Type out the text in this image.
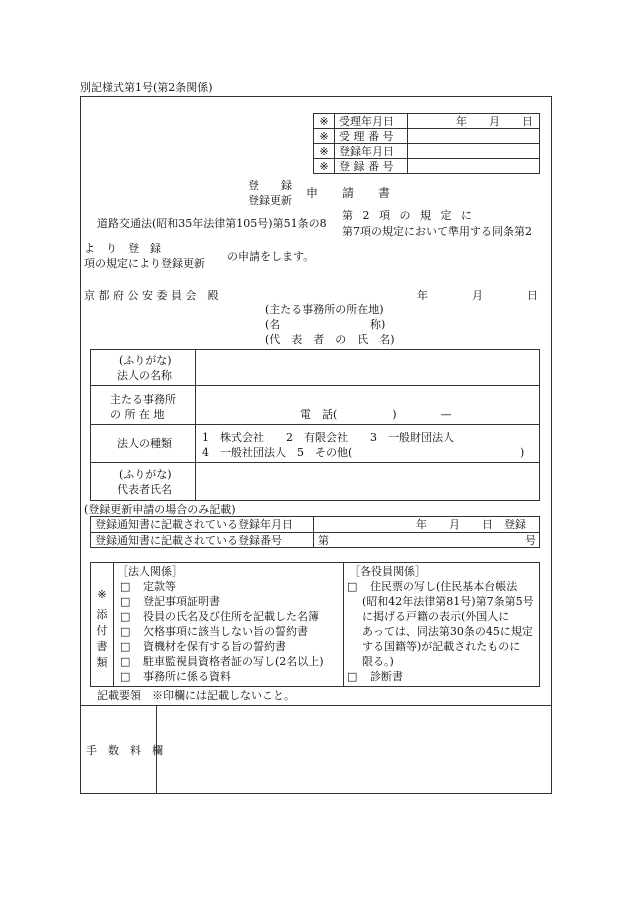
別記様式第1号(第2条関係)
※	受理年月日	年　　月　　日
※	受 理 番 号	
※	登録年月日	
※	登 録 番 号	
登　　録
登録更新
申　　請　　書
道路交通法(昭和35年法律第105号)第51条の8
第 2 項 の 規 定 に
第7項の規定において準用する同条第2
よ　り　登　録
項の規定により登録更新
の申請をします。
京 都 府 公 安 委 員 会　殿	年　　　　月　　　　日
(主たる事務所の所在地)
(名	称)
(代　表　者　の　氏　名)
(ふりがな)
法人の名称
主たる事務所
の 所 在 地	電　話(　　　　　)　　　　—
法人の種類	1　株式会社　　2　有限会社　　3　一般財団法人
4　一般社団法人　5　その他(	)
(ふりがな)
代表者氏名
(登録更新申請の場合のみ記載)
登録通知書に記載されている登録年月日	年　　月　　日　登録
登録通知書に記載されている登録番号	第	号
※
添
付
書
類
［法人関係］
□　 定款等
□　 登記事項証明書
□　 役員の氏名及び住所を記載した名簿
□　 欠格事項に該当しない旨の誓約書
□　 資機材を保有する旨の誓約書
□　 駐車監視員資格者証の写し(2名以上)
□　 事務所に係る資料
［各役員関係］
□　 住民票の写し(住民基本台帳法
(昭和42年法律第81号)第7条第5号
に掲げる戸籍の表示(外国人に
あっては、同法第30条の45に規定
する国籍等)が記載されたものに
限る。)
□　 診断書
記載要領　※印欄には記載しないこと。
手　数　料　欄
